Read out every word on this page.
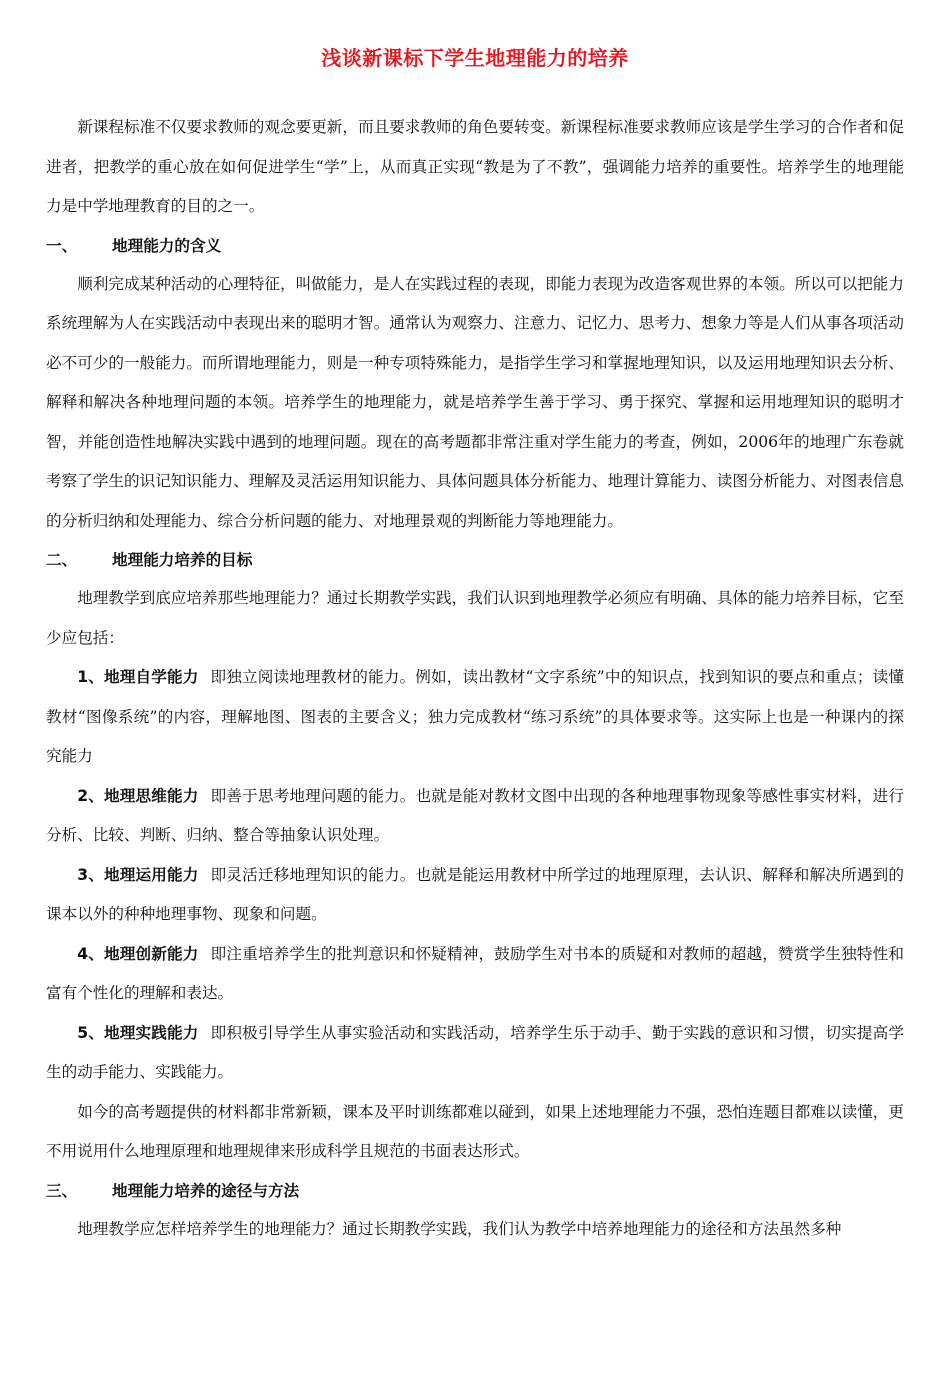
浅谈新课标下学生地理能力的培养

新课程标准不仅要求教师的观念要更新，而且要求教师的角色要转变。新课程标准要求教师应该是学生学习的合作者和促进者，把教学的重心放在如何促进学生“学”上，从而真正实现“教是为了不教”，强调能力培养的重要性。培养学生的地理能力是中学地理教育的目的之一。

一、 地理能力的含义

顺利完成某种活动的心理特征，叫做能力，是人在实践过程的表现，即能力表现为改造客观世界的本领。所以可以把能力系统理解为人在实践活动中表现出来的聪明才智。通常认为观察力、注意力、记忆力、思考力、想象力等是人们从事各项活动必不可少的一般能力。而所谓地理能力，则是一种专项特殊能力，是指学生学习和掌握地理知识，以及运用地理知识去分析、解释和解决各种地理问题的本领。培养学生的地理能力，就是培养学生善于学习、勇于探究、掌握和运用地理知识的聪明才智，并能创造性地解决实践中遇到的地理问题。现在的高考题都非常注重对学生能力的考查，例如，2006年的地理广东卷就考察了学生的识记知识能力、理解及灵活运用知识能力、具体问题具体分析能力、地理计算能力、读图分析能力、对图表信息的分析归纳和处理能力、综合分析问题的能力、对地理景观的判断能力等地理能力。

二、 地理能力培养的目标

地理教学到底应培养那些地理能力？通过长期教学实践，我们认识到地理教学必须应有明确、具体的能力培养目标，它至少应包括：

1、地理自学能力 即独立阅读地理教材的能力。例如，读出教材“文字系统”中的知识点，找到知识的要点和重点；读懂教材“图像系统”的内容，理解地图、图表的主要含义；独力完成教材“练习系统”的具体要求等。这实际上也是一种课内的探究能力

2、地理思维能力 即善于思考地理问题的能力。也就是能对教材文图中出现的各种地理事物现象等感性事实材料，进行分析、比较、判断、归纳、整合等抽象认识处理。

3、地理运用能力 即灵活迁移地理知识的能力。也就是能运用教材中所学过的地理原理，去认识、解释和解决所遇到的课本以外的种种地理事物、现象和问题。

4、地理创新能力 即注重培养学生的批判意识和怀疑精神，鼓励学生对书本的质疑和对教师的超越，赞赏学生独特性和富有个性化的理解和表达。

5、地理实践能力 即积极引导学生从事实验活动和实践活动，培养学生乐于动手、勤于实践的意识和习惯，切实提高学生的动手能力、实践能力。

如今的高考题提供的材料都非常新颖，课本及平时训练都难以碰到，如果上述地理能力不强，恐怕连题目都难以读懂，更不用说用什么地理原理和地理规律来形成科学且规范的书面表达形式。

三、 地理能力培养的途径与方法

地理教学应怎样培养学生的地理能力？通过长期教学实践，我们认为教学中培养地理能力的途径和方法虽然多种
